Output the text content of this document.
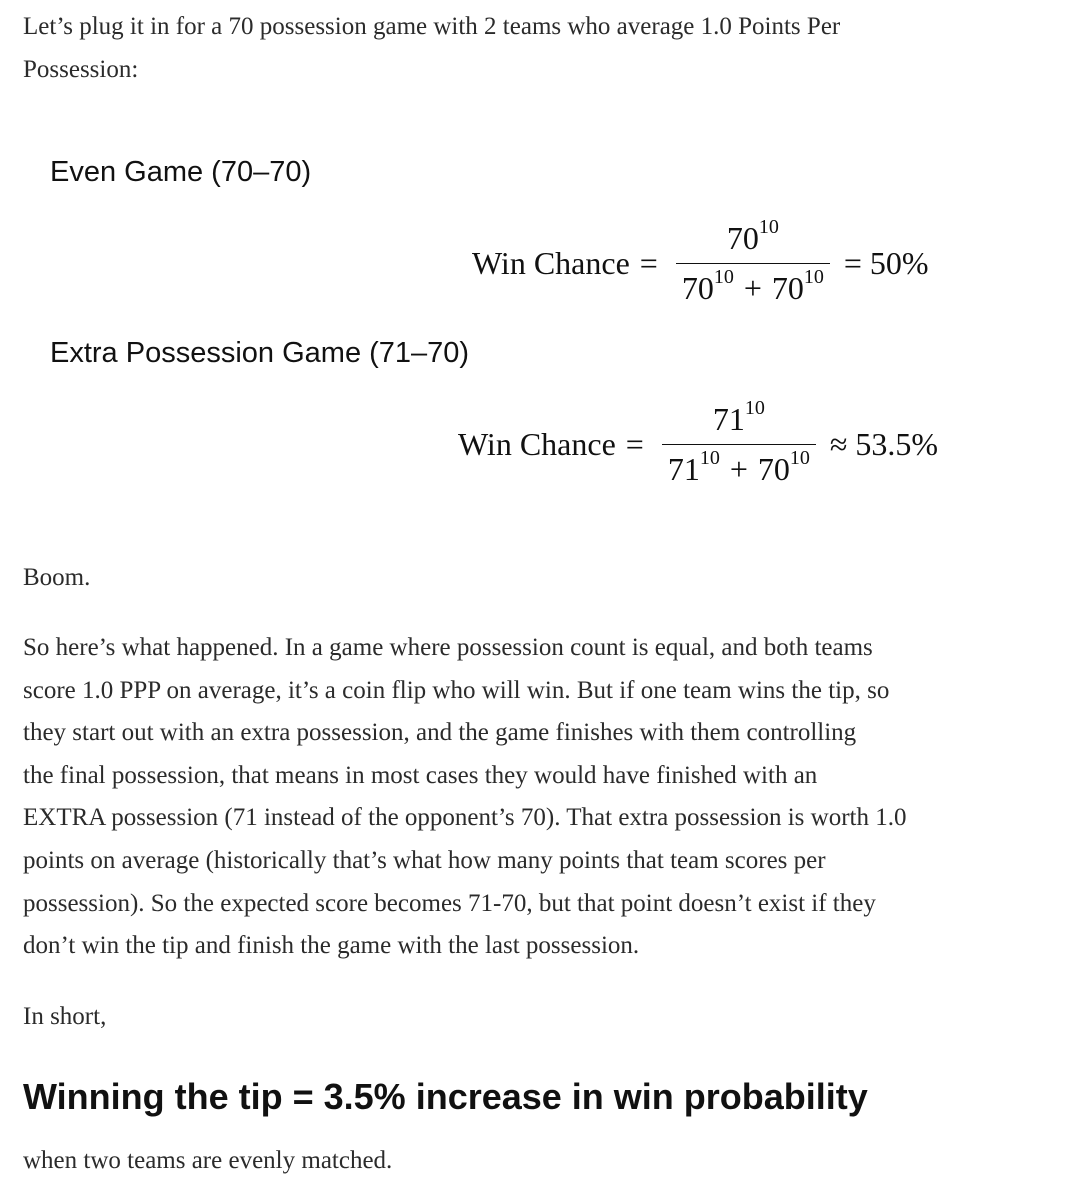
Let’s plug it in for a 70 possession game with 2 teams who average 1.0 Points Per
Possession:
Even Game (70–70)
Win Chance = $\frac{70^{10}}{70^{10} + 70^{10}} = 50\%$
Extra Possession Game (71–70)
Win Chance = $\frac{71^{10}}{71^{10} + 70^{10}} \approx 53.5\%$
Boom.
So here’s what happened. In a game where possession count is equal, and both teams
score 1.0 PPP on average, it’s a coin flip who will win. But if one team wins the tip, so
they start out with an extra possession, and the game finishes with them controlling
the final possession, that means in most cases they would have finished with an
EXTRA possession (71 instead of the opponent’s 70). That extra possession is worth 1.0
points on average (historically that’s what how many points that team scores per
possession). So the expected score becomes 71-70, but that point doesn’t exist if they
don’t win the tip and finish the game with the last possession.
In short,
Winning the tip = 3.5% increase in win probability
when two teams are evenly matched.
